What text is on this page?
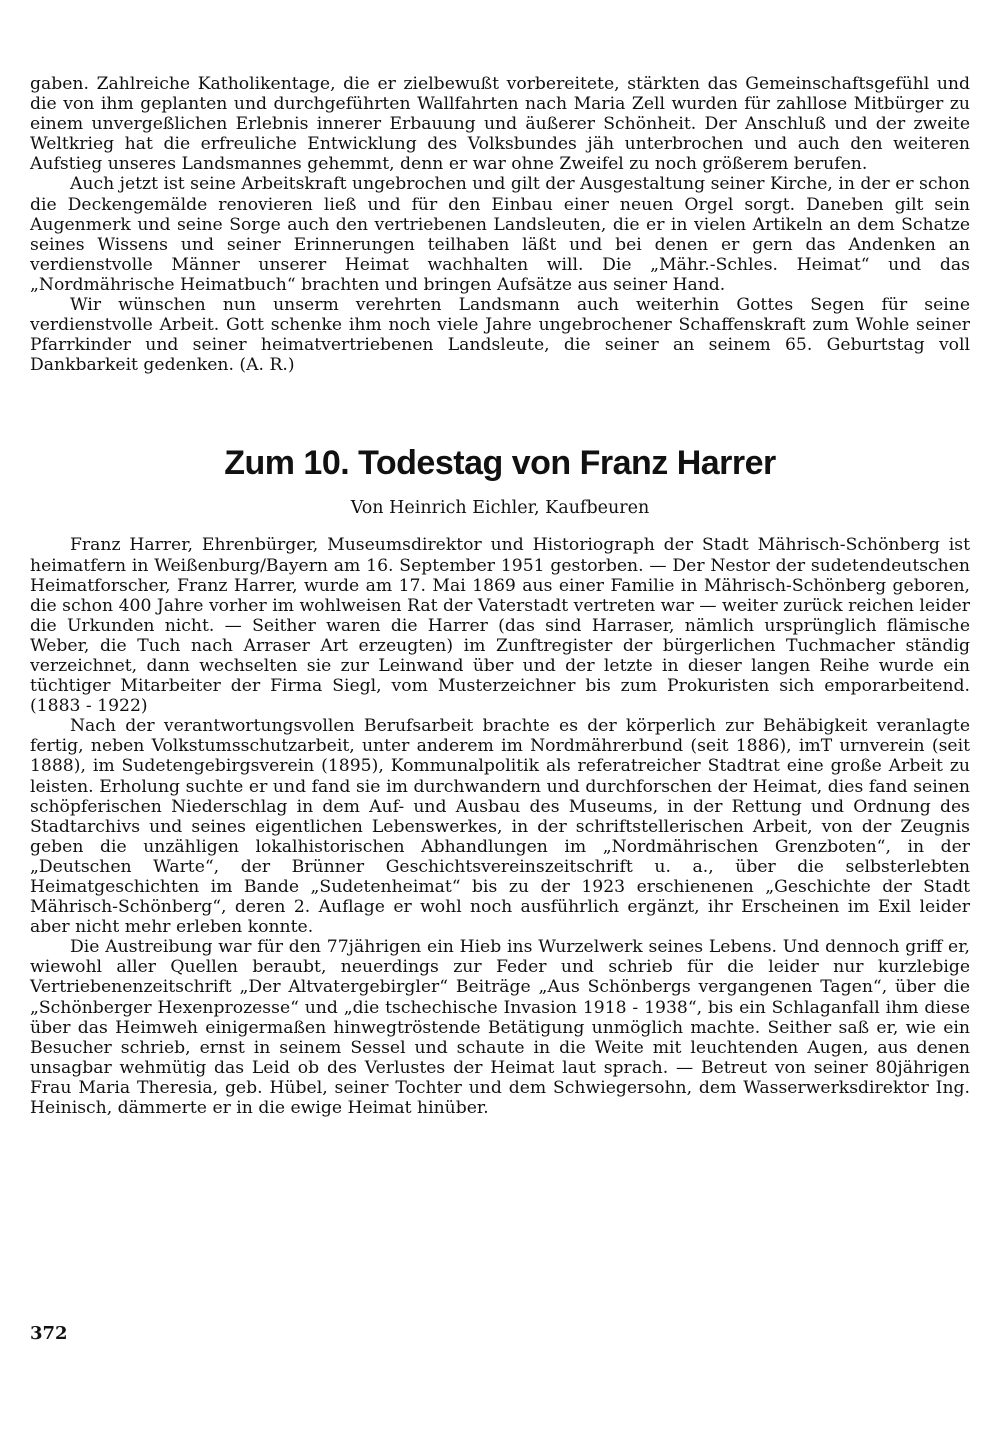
gaben. Zahlreiche Katholikentage, die er zielbewußt vorbereitete, stärkten das Gemeinschaftsgefühl und die von ihm geplanten und durchgeführten Wallfahrten nach Maria Zell wurden für zahllose Mitbürger zu einem unvergeßlichen Erlebnis innerer Erbauung und äußerer Schönheit. Der Anschluß und der zweite Weltkrieg hat die erfreuliche Entwicklung des Volksbundes jäh unterbrochen und auch den weiteren Aufstieg unseres Landsmannes gehemmt, denn er war ohne Zweifel zu noch größerem berufen.

Auch jetzt ist seine Arbeitskraft ungebrochen und gilt der Ausgestaltung seiner Kirche, in der er schon die Deckengemälde renovieren ließ und für den Einbau einer neuen Orgel sorgt. Daneben gilt sein Augenmerk und seine Sorge auch den vertriebenen Landsleuten, die er in vielen Artikeln an dem Schatze seines Wissens und seiner Erinnerungen teilhaben läßt und bei denen er gern das Andenken an verdienstvolle Männer unserer Heimat wachhalten will. Die „Mähr.-Schles. Heimat“ und das „Nordmährische Heimatbuch“ brachten und bringen Aufsätze aus seiner Hand.

Wir wünschen nun unserm verehrten Landsmann auch weiterhin Gottes Segen für seine verdienstvolle Arbeit. Gott schenke ihm noch viele Jahre ungebrochener Schaffenskraft zum Wohle seiner Pfarrkinder und seiner heimatvertriebenen Landsleute, die seiner an seinem 65. Geburtstag voll Dankbarkeit gedenken. (A. R.)

Zum 10. Todestag von Franz Harrer
Von Heinrich Eichler, Kaufbeuren

Franz Harrer, Ehrenbürger, Museumsdirektor und Historiograph der Stadt Mährisch-Schönberg ist heimatfern in Weißenburg/Bayern am 16. September 1951 gestorben. — Der Nestor der sudetendeutschen Heimatforscher, Franz Harrer, wurde am 17. Mai 1869 aus einer Familie in Mährisch-Schönberg geboren, die schon 400 Jahre vorher im wohlweisen Rat der Vaterstadt vertreten war — weiter zurück reichen leider die Urkunden nicht. — Seither waren die Harrer (das sind Harraser, nämlich ursprünglich flämische Weber, die Tuch nach Arraser Art erzeugten) im Zunftregister der bürgerlichen Tuchmacher ständig verzeichnet, dann wechselten sie zur Leinwand über und der letzte in dieser langen Reihe wurde ein tüchtiger Mitarbeiter der Firma Siegl, vom Musterzeichner bis zum Prokuristen sich emporarbeitend. (1883 - 1922)

Nach der verantwortungsvollen Berufsarbeit brachte es der körperlich zur Behäbigkeit veranlagte fertig, neben Volkstumsschutzarbeit, unter anderem im Nordmährerbund (seit 1886), imT urnverein (seit 1888), im Sudetengebirgsverein (1895), Kommunalpolitik als referatreicher Stadtrat eine große Arbeit zu leisten. Erholung suchte er und fand sie im durchwandern und durchforschen der Heimat, dies fand seinen schöpferischen Niederschlag in dem Auf- und Ausbau des Museums, in der Rettung und Ordnung des Stadtarchivs und seines eigentlichen Lebenswerkes, in der schriftstellerischen Arbeit, von der Zeugnis geben die unzähligen lokalhistorischen Abhandlungen im „Nordmährischen Grenzboten“, in der „Deutschen Warte“, der Brünner Geschichtsvereinszeitschrift u. a., über die selbsterlebten Heimatgeschichten im Bande „Sudetenheimat“ bis zu der 1923 erschienenen „Geschichte der Stadt Mährisch-Schönberg“, deren 2. Auflage er wohl noch ausführlich ergänzt, ihr Erscheinen im Exil leider aber nicht mehr erleben konnte.

Die Austreibung war für den 77jährigen ein Hieb ins Wurzelwerk seines Lebens. Und dennoch griff er, wiewohl aller Quellen beraubt, neuerdings zur Feder und schrieb für die leider nur kurzlebige Vertriebenenzeitschrift „Der Altvatergebirgler“ Beiträge „Aus Schönbergs vergangenen Tagen“, über die „Schönberger Hexenprozesse“ und „die tschechische Invasion 1918 - 1938“, bis ein Schlaganfall ihm diese über das Heimweh einigermaßen hinwegtröstende Betätigung unmöglich machte. Seither saß er, wie ein Besucher schrieb, ernst in seinem Sessel und schaute in die Weite mit leuchtenden Augen, aus denen unsagbar wehmütig das Leid ob des Verlustes der Heimat laut sprach. — Betreut von seiner 80jährigen Frau Maria Theresia, geb. Hübel, seiner Tochter und dem Schwiegersohn, dem Wasserwerksdirektor Ing. Heinisch, dämmerte er in die ewige Heimat hinüber.

372
